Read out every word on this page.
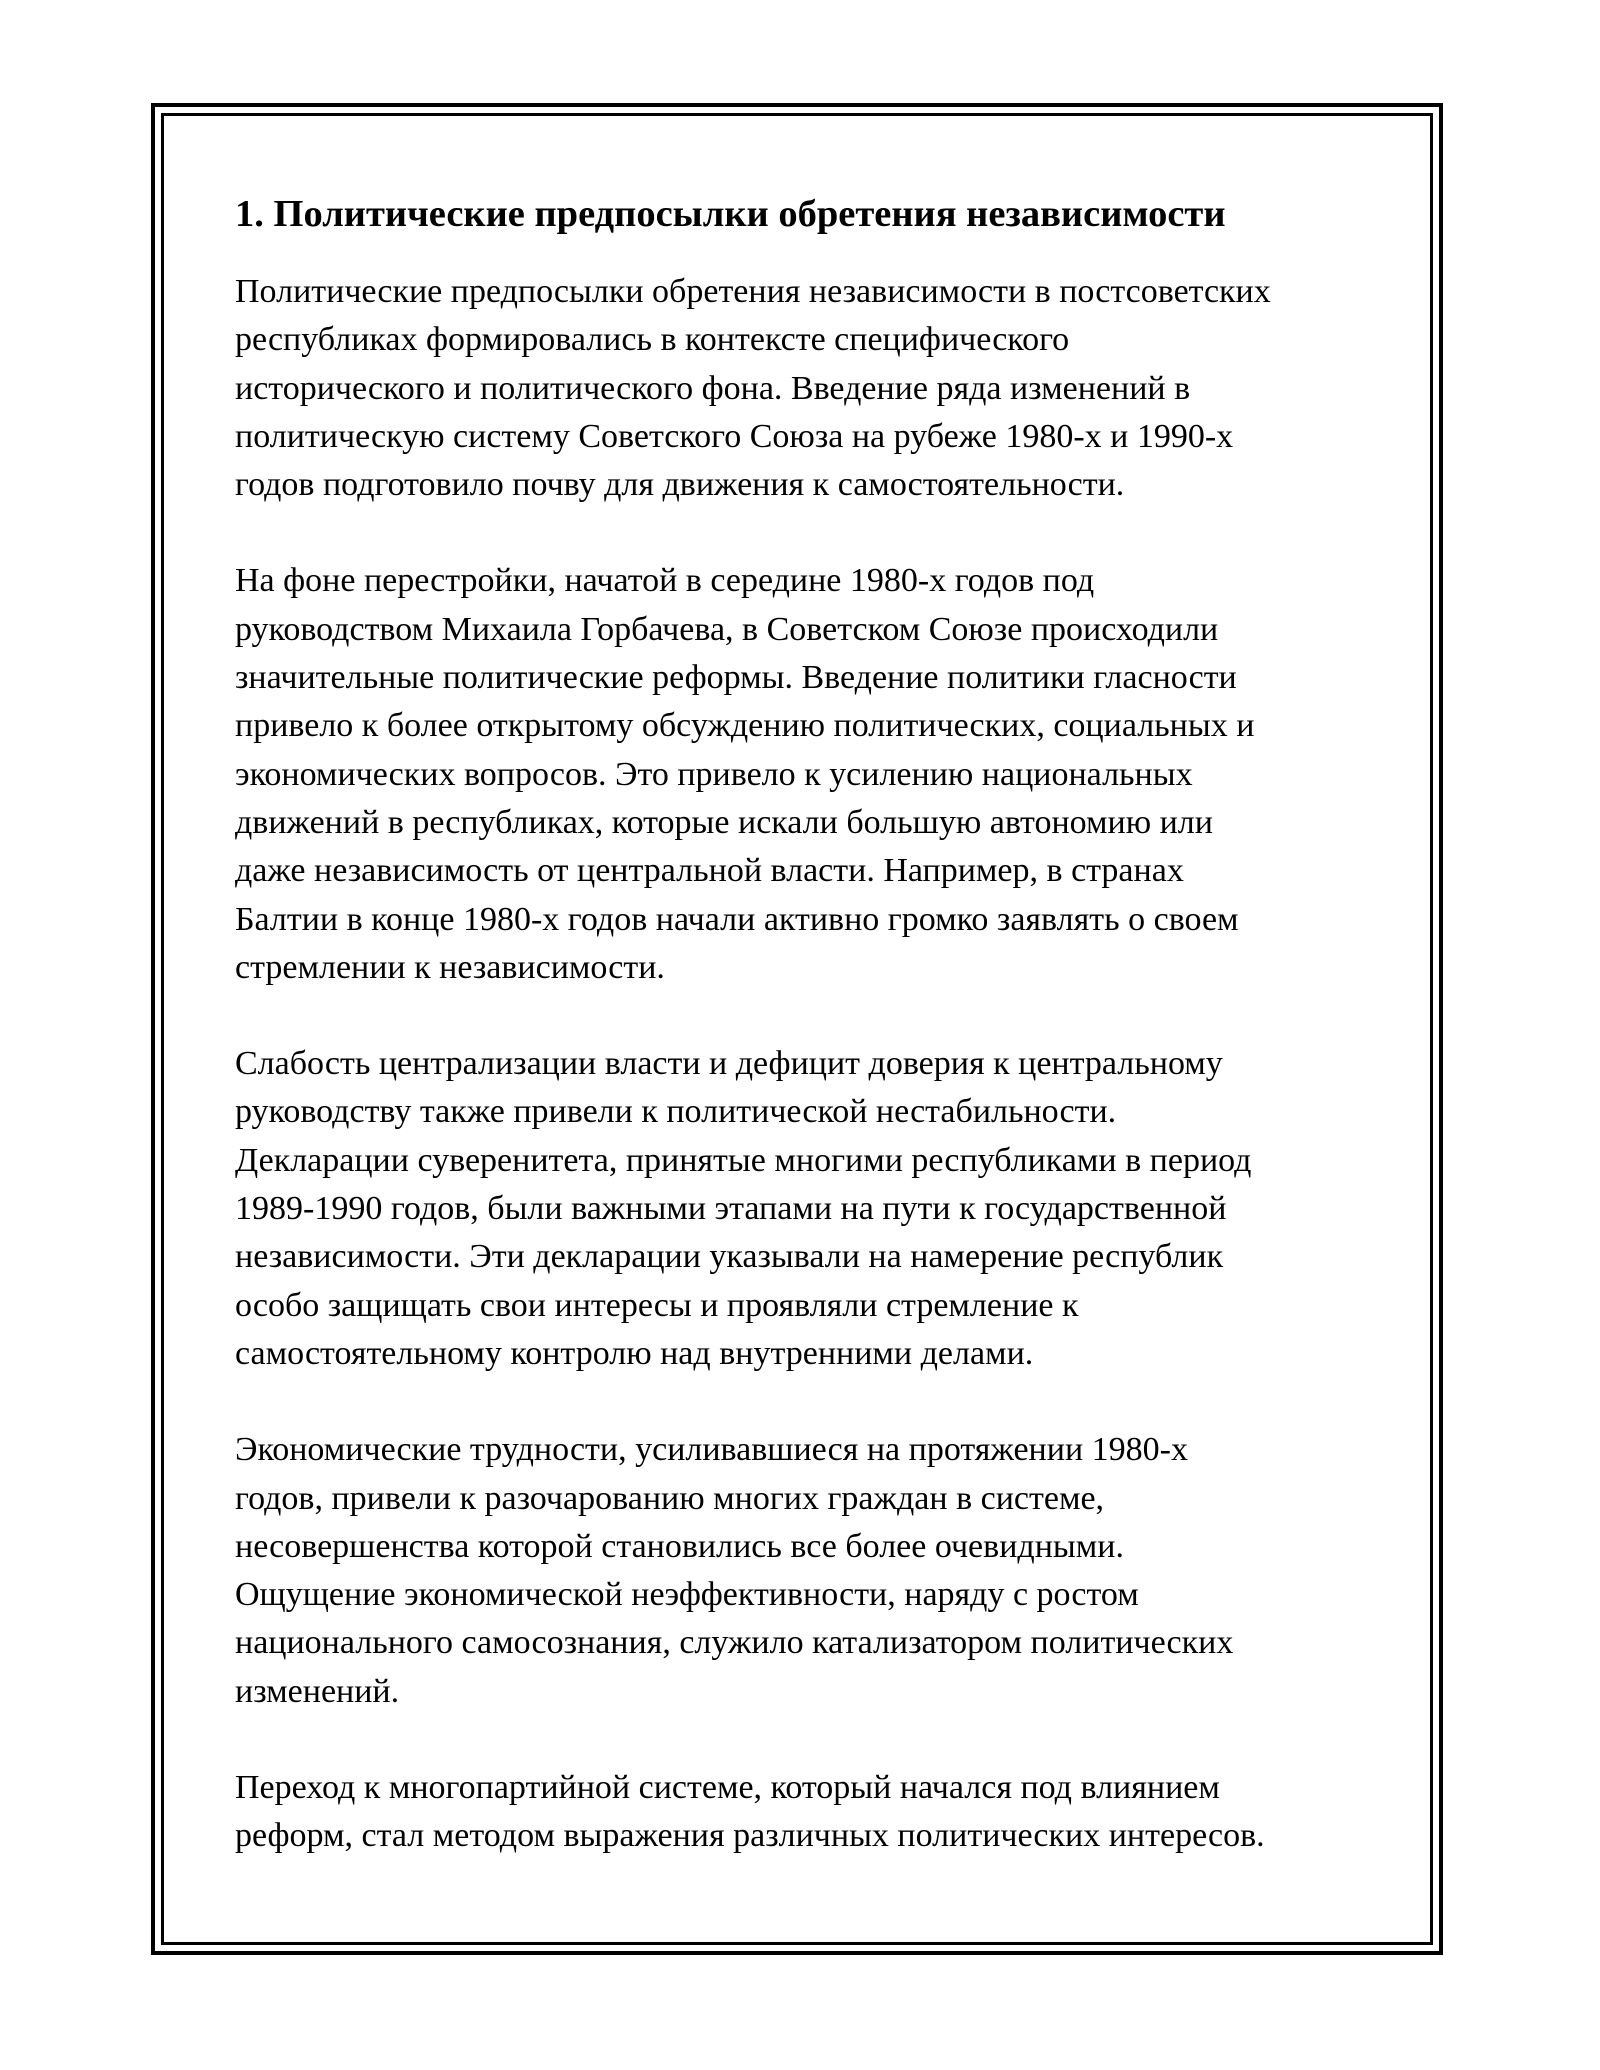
1. Политические предпосылки обретения независимости

Политические предпосылки обретения независимости в постсоветских
республиках формировались в контексте специфического
исторического и политического фона. Введение ряда изменений в
политическую систему Советского Союза на рубеже 1980-х и 1990-х
годов подготовило почву для движения к самостоятельности.

На фоне перестройки, начатой в середине 1980-х годов под
руководством Михаила Горбачева, в Советском Союзе происходили
значительные политические реформы. Введение политики гласности
привело к более открытому обсуждению политических, социальных и
экономических вопросов. Это привело к усилению национальных
движений в республиках, которые искали большую автономию или
даже независимость от центральной власти. Например, в странах
Балтии в конце 1980-х годов начали активно громко заявлять о своем
стремлении к независимости.

Слабость централизации власти и дефицит доверия к центральному
руководству также привели к политической нестабильности.
Декларации суверенитета, принятые многими республиками в период
1989-1990 годов, были важными этапами на пути к государственной
независимости. Эти декларации указывали на намерение республик
особо защищать свои интересы и проявляли стремление к
самостоятельному контролю над внутренними делами.

Экономические трудности, усиливавшиеся на протяжении 1980-х
годов, привели к разочарованию многих граждан в системе,
несовершенства которой становились все более очевидными.
Ощущение экономической неэффективности, наряду с ростом
национального самосознания, служило катализатором политических
изменений.

Переход к многопартийной системе, который начался под влиянием
реформ, стал методом выражения различных политических интересов.
